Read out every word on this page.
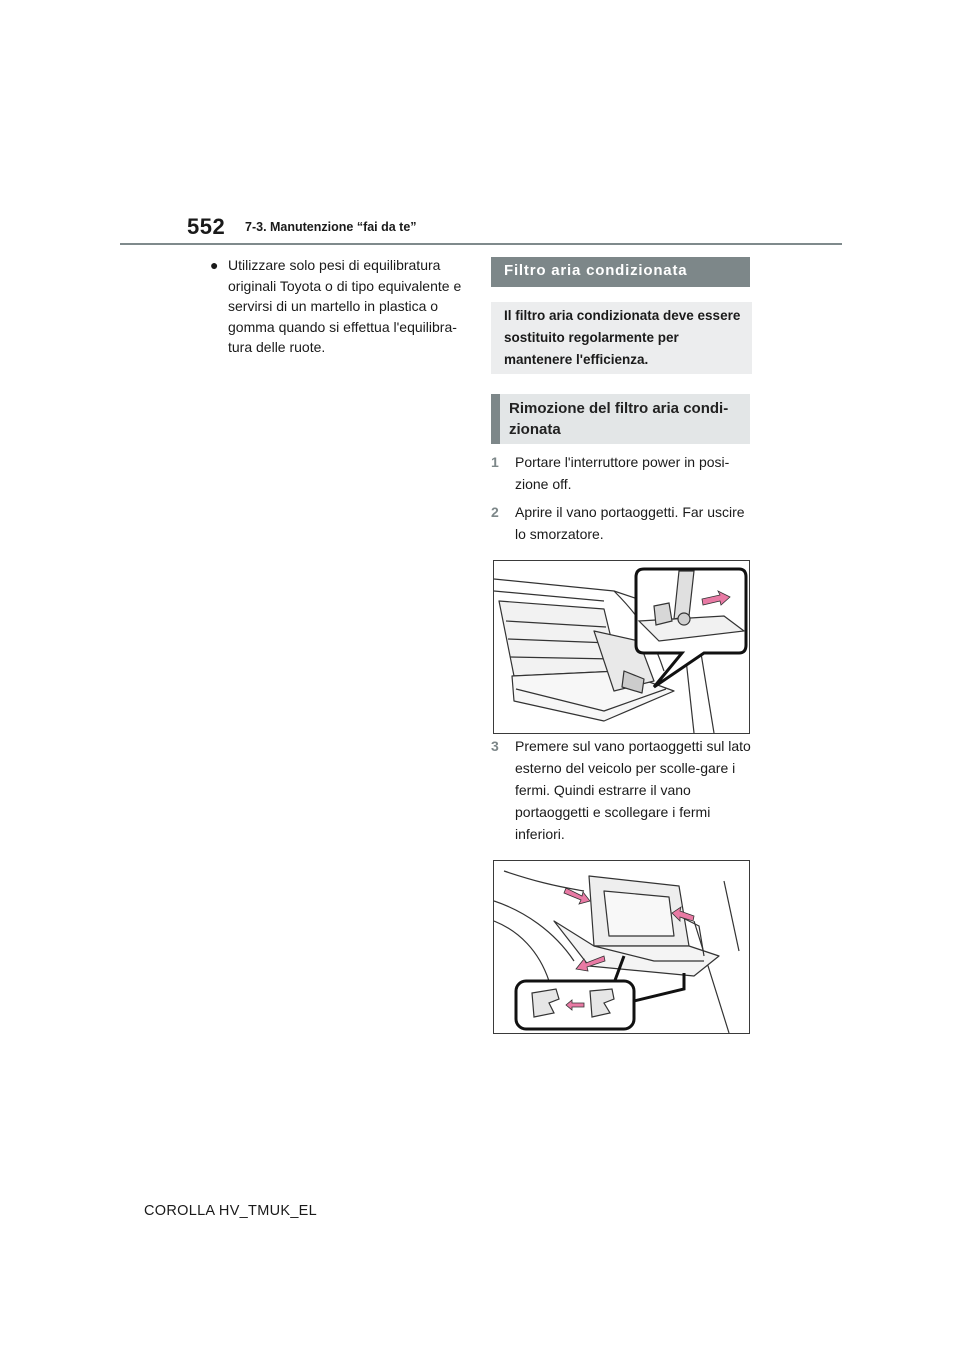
552 7-3. Manutenzione “fai da te”
● Utilizzare solo pesi di equilibratura originali Toyota o di tipo equivalente e servirsi di un martello in plastica o gomma quando si effettua l'equilibra-tura delle ruote.
Filtro aria condizionata
Il filtro aria condizionata deve essere sostituito regolarmente per mantenere l'efficienza.
Rimozione del filtro aria condi-zionata
1	Portare l'interruttore power in posi-zione off.
2	Aprire il vano portaoggetti. Far uscire lo smorzatore.
3	Premere sul vano portaoggetti sul lato esterno del veicolo per scolle-gare i fermi. Quindi estrarre il vano portaoggetti e scollegare i fermi inferiori.
COROLLA HV_TMUK_EL
